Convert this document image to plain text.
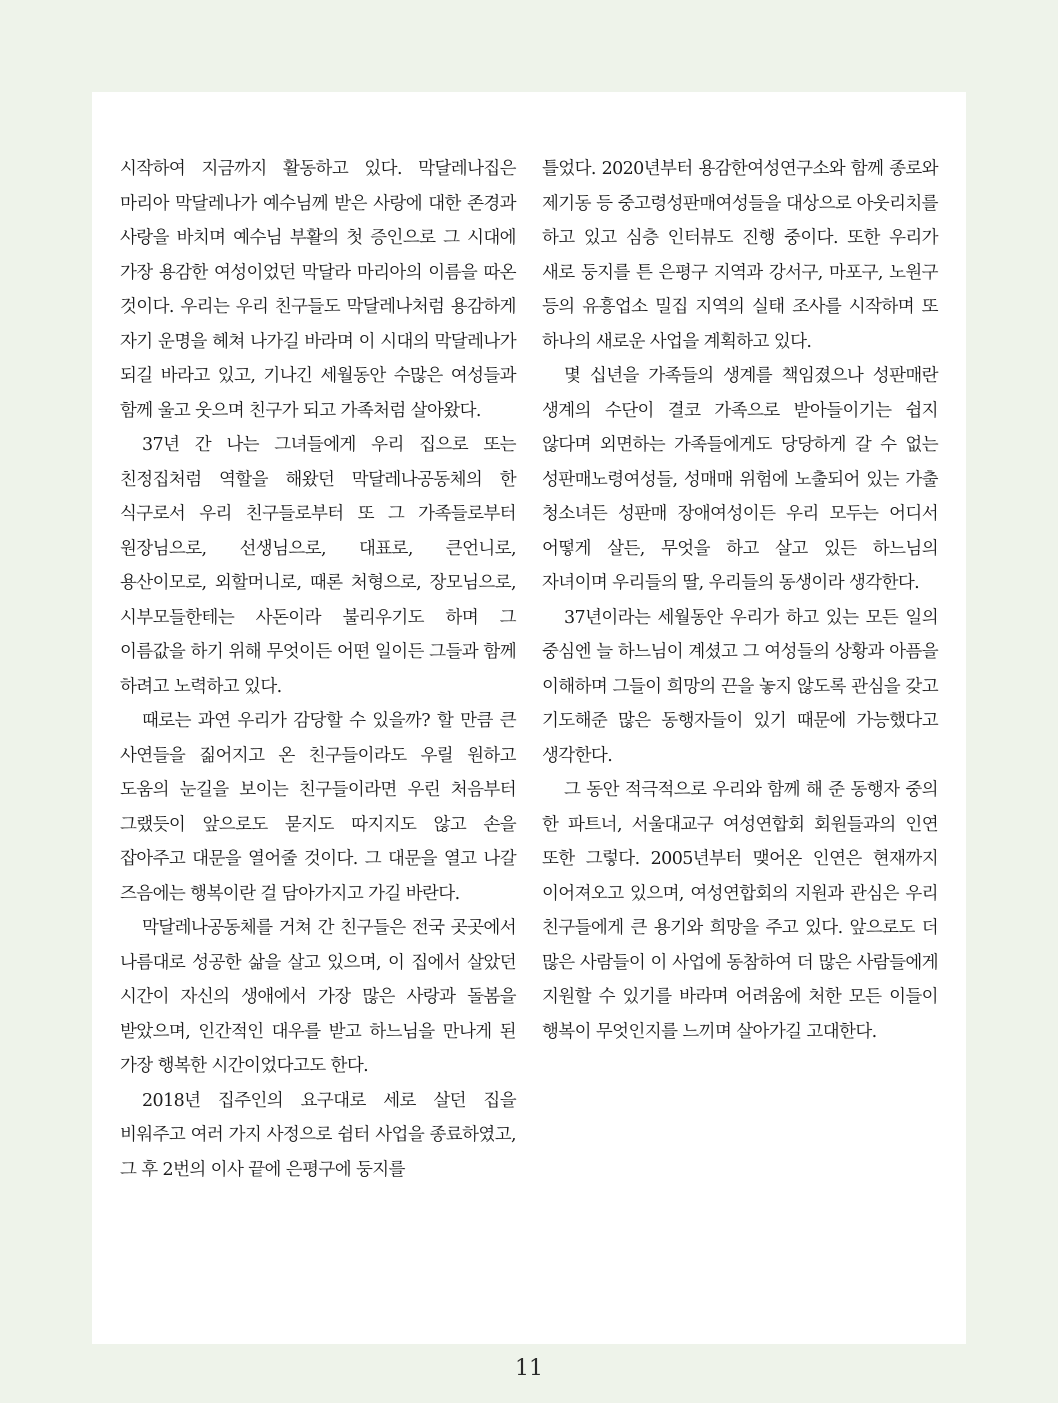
시작하여 지금까지 활동하고 있다. 막달레나집은 마리아 막달레나가 예수님께 받은 사랑에 대한 존경과 사랑을 바치며 예수님 부활의 첫 증인으로 그 시대에 가장 용감한 여성이었던 막달라 마리아의 이름을 따온 것이다. 우리는 우리 친구들도 막달레나처럼 용감하게 자기 운명을 헤쳐 나가길 바라며 이 시대의 막달레나가 되길 바라고 있고, 기나긴 세월동안 수많은 여성들과 함께 울고 웃으며 친구가 되고 가족처럼 살아왔다.

37년 간 나는 그녀들에게 우리 집으로 또는 친정집처럼 역할을 해왔던 막달레나공동체의 한 식구로서 우리 친구들로부터 또 그 가족들로부터 원장님으로, 선생님으로, 대표로, 큰언니로, 용산이모로, 외할머니로, 때론 처형으로, 장모님으로, 시부모들한테는 사돈이라 불리우기도 하며 그 이름값을 하기 위해 무엇이든 어떤 일이든 그들과 함께 하려고 노력하고 있다.

때로는 과연 우리가 감당할 수 있을까? 할 만큼 큰 사연들을 짊어지고 온 친구들이라도 우릴 원하고 도움의 눈길을 보이는 친구들이라면 우린 처음부터 그랬듯이 앞으로도 묻지도 따지지도 않고 손을 잡아주고 대문을 열어줄 것이다. 그 대문을 열고 나갈 즈음에는 행복이란 걸 담아가지고 가길 바란다.

막달레나공동체를 거쳐 간 친구들은 전국 곳곳에서 나름대로 성공한 삶을 살고 있으며, 이 집에서 살았던 시간이 자신의 생애에서 가장 많은 사랑과 돌봄을 받았으며, 인간적인 대우를 받고 하느님을 만나게 된 가장 행복한 시간이었다고도 한다.

2018년 집주인의 요구대로 세로 살던 집을 비워주고 여러 가지 사정으로 쉼터 사업을 종료하였고, 그 후 2번의 이사 끝에 은평구에 둥지를

틀었다. 2020년부터 용감한여성연구소와 함께 종로와 제기동 등 중고령성판매여성들을 대상으로 아웃리치를 하고 있고 심층 인터뷰도 진행 중이다. 또한 우리가 새로 둥지를 튼 은평구 지역과 강서구, 마포구, 노원구 등의 유흥업소 밀집 지역의 실태 조사를 시작하며 또 하나의 새로운 사업을 계획하고 있다.

몇 십년을 가족들의 생계를 책임졌으나 성판매란 생계의 수단이 결코 가족으로 받아들이기는 쉽지 않다며 외면하는 가족들에게도 당당하게 갈 수 없는 성판매노령여성들, 성매매 위험에 노출되어 있는 가출 청소녀든 성판매 장애여성이든 우리 모두는 어디서 어떻게 살든, 무엇을 하고 살고 있든 하느님의 자녀이며 우리들의 딸, 우리들의 동생이라 생각한다.

37년이라는 세월동안 우리가 하고 있는 모든 일의 중심엔 늘 하느님이 계셨고 그 여성들의 상황과 아픔을 이해하며 그들이 희망의 끈을 놓지 않도록 관심을 갖고 기도해준 많은 동행자들이 있기 때문에 가능했다고 생각한다.

그 동안 적극적으로 우리와 함께 해 준 동행자 중의 한 파트너, 서울대교구 여성연합회 회원들과의 인연 또한 그렇다. 2005년부터 맺어온 인연은 현재까지 이어져오고 있으며, 여성연합회의 지원과 관심은 우리 친구들에게 큰 용기와 희망을 주고 있다. 앞으로도 더 많은 사람들이 이 사업에 동참하여 더 많은 사람들에게 지원할 수 있기를 바라며 어려움에 처한 모든 이들이 행복이 무엇인지를 느끼며 살아가길 고대한다.

11
